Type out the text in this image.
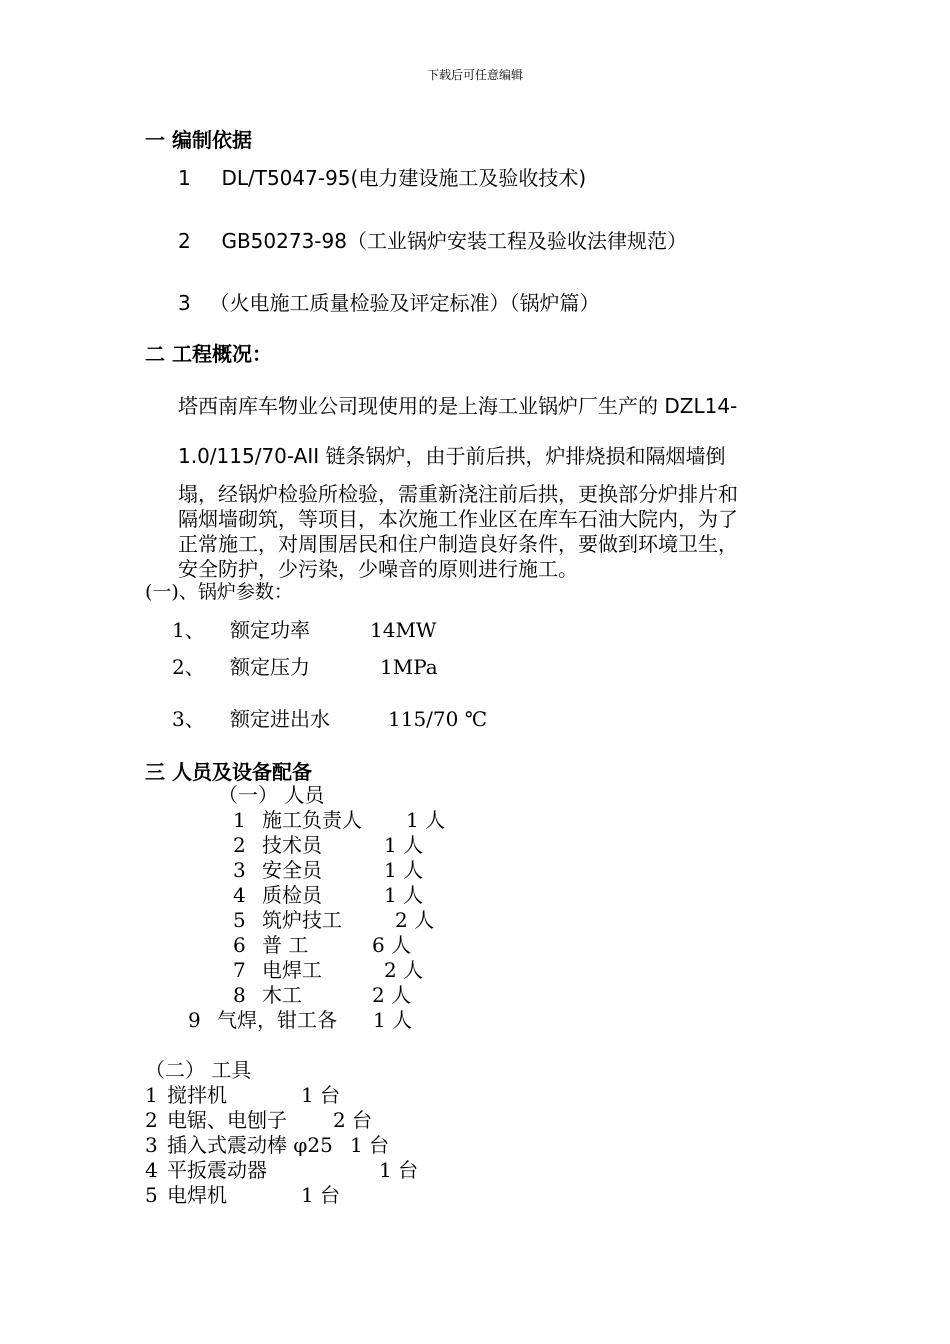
下载后可任意编辑
一 编制依据
1 DL/T5047-95(电力建设施工及验收技术)
2 GB50273-98（工业锅炉安装工程及验收法律规范）
3 （火电施工质量检验及评定标准）（锅炉篇）
二 工程概况：
塔西南库车物业公司现使用的是上海工业锅炉厂生产的 DZL14-
1.0/115/70-AII 链条锅炉，由于前后拱，炉排烧损和隔烟墙倒
塌，经锅炉检验所检验，需重新浇注前后拱，更换部分炉排片和
隔烟墙砌筑，等项目，本次施工作业区在库车石油大院内，为了
正常施工，对周围居民和住户制造良好条件，要做到环境卫生，
安全防护，少污染，少噪音的原则进行施工。
(一)、锅炉参数：
1、 额定功率	14MW
2、 额定压力	1MPa
3、 额定进出水	115/70 ℃
三 人员及设备配备
（一） 人员
1 施工负责人 1 人
2 技术员	1 人
3 安全员	1 人
4 质检员	1 人
5 筑炉技工	2 人
6 普 工	6 人
7 电焊工	2 人
8 木工	2 人
9 气焊，钳工各 1 人
（二） 工具
1 搅拌机	1 台
2 电锯、电刨子 2 台
3 插入式震动棒 φ25 1 台
4 平扳震动器	1 台
5 电焊机	1 台
